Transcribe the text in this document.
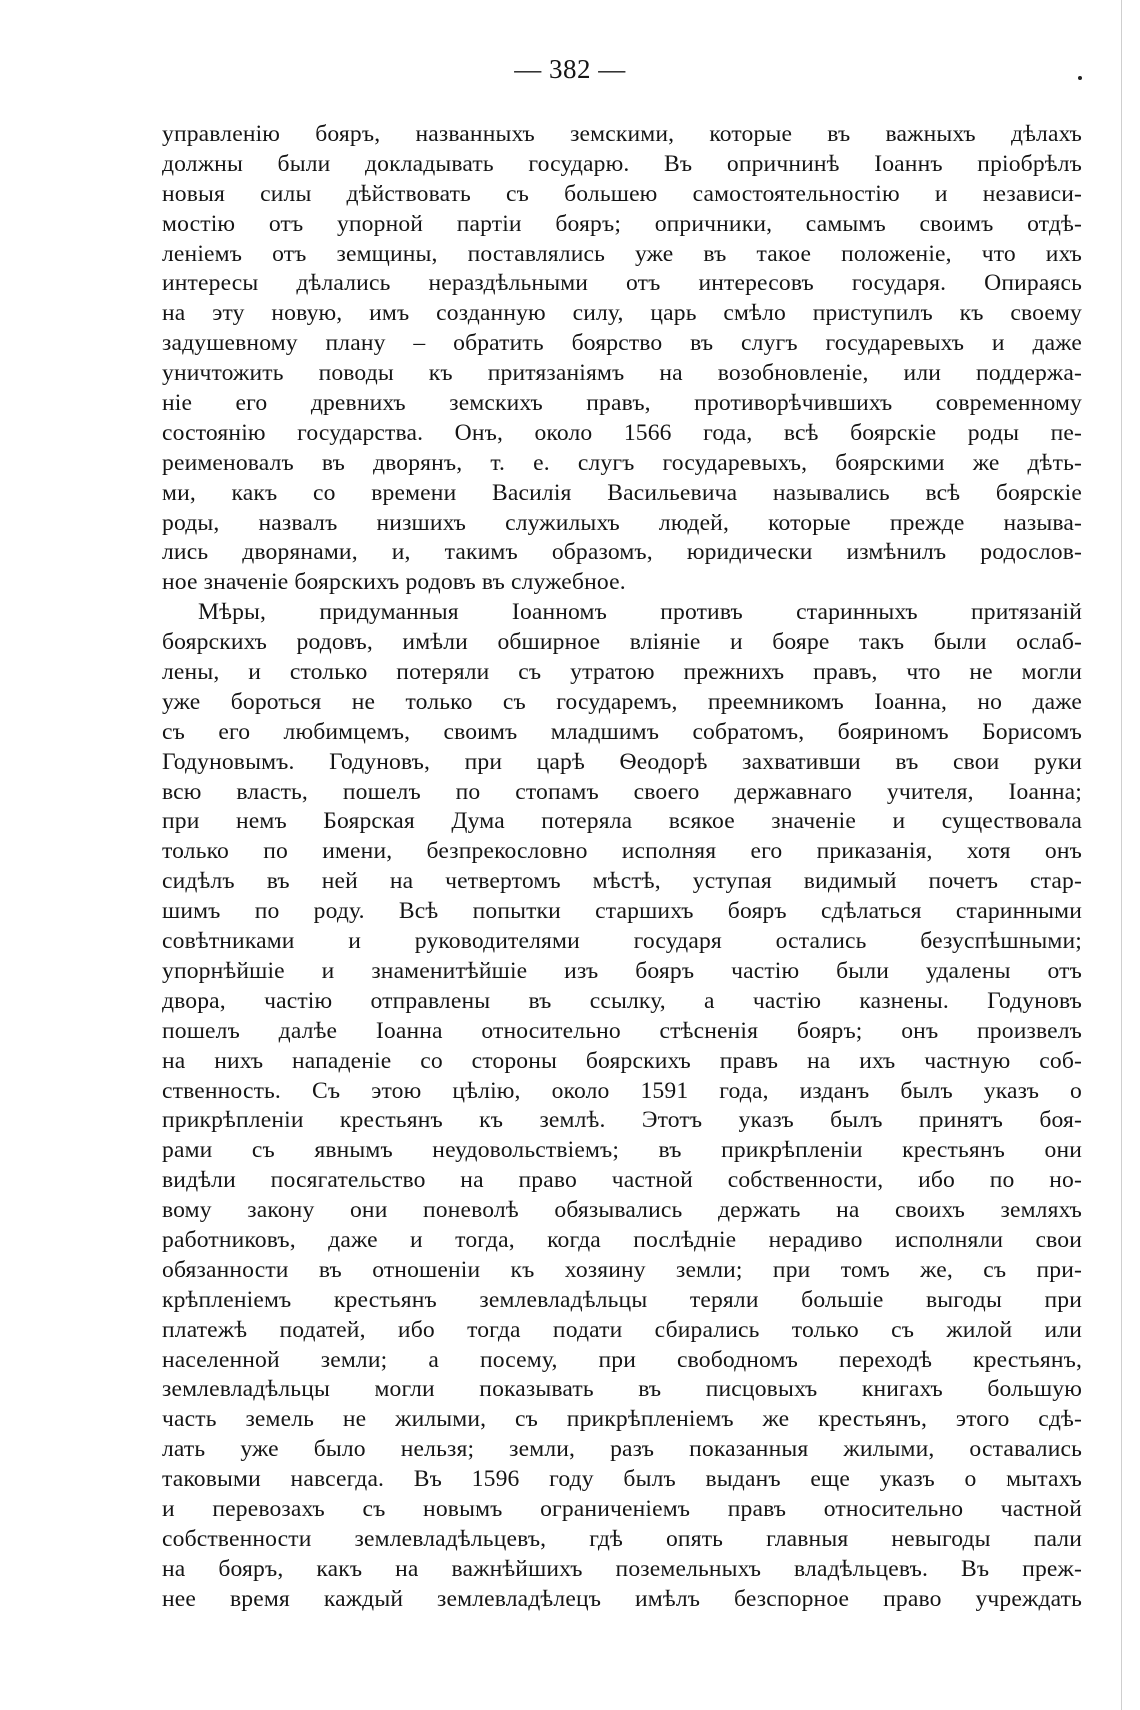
— 382 —
управленію бояръ, названныхъ земскими, которые въ важныхъ дѣлахъ
должны были докладывать государю. Въ опричнинѣ Іоаннъ пріобрѣлъ
новыя силы дѣйствовать съ большею самостоятельностію и независи-
мостію отъ упорной партіи бояръ; опричники, самымъ своимъ отдѣ-
леніемъ отъ земщины, поставлялись уже въ такое положеніе, что ихъ
интересы дѣлались нераздѣльными отъ интересовъ государя. Опираясь
на эту новую, имъ созданную силу, царь смѣло приступилъ къ своему
задушевному плану – обратить боярство въ слугъ государевыхъ и даже
уничтожить поводы къ притязаніямъ на возобновленіе, или поддержа-
ніе его древнихъ земскихъ правъ, противорѣчившихъ современному
состоянію государства. Онъ, около 1566 года, всѣ боярскіе роды пе-
реименовалъ въ дворянъ, т. е. слугъ государевыхъ, боярскими же дѣть-
ми, какъ со времени Василія Васильевича назывались всѣ боярскіе
роды, назвалъ низшихъ служилыхъ людей, которые прежде называ-
лись дворянами, и, такимъ образомъ, юридически измѣнилъ родослов-
ное значеніе боярскихъ родовъ въ служебное.
Мѣры, придуманныя Іоанномъ противъ старинныхъ притязаній
боярскихъ родовъ, имѣли обширное вліяніе и бояре такъ были ослаб-
лены, и столько потеряли съ утратою прежнихъ правъ, что не могли
уже бороться не только съ государемъ, преемникомъ Іоанна, но даже
съ его любимцемъ, своимъ младшимъ собратомъ, бояриномъ Борисомъ
Годуновымъ. Годуновъ, при царѣ Ѳеодорѣ захвативши въ свои руки
всю власть, пошелъ по стопамъ своего державнаго учителя, Іоанна;
при немъ Боярская Дума потеряла всякое значеніе и существовала
только по имени, безпрекословно исполняя его приказанія, хотя онъ
сидѣлъ въ ней на четвертомъ мѣстѣ, уступая видимый почетъ стар-
шимъ по роду. Всѣ попытки старшихъ бояръ сдѣлаться старинными
совѣтниками и руководителями государя остались безуспѣшными;
упорнѣйшіе и знаменитѣйшіе изъ бояръ частію были удалены отъ
двора, частію отправлены въ ссылку, а частію казнены. Годуновъ
пошелъ далѣе Іоанна относительно стѣсненія бояръ; онъ произвелъ
на нихъ нападеніе со стороны боярскихъ правъ на ихъ частную соб-
ственность. Съ этою цѣлію, около 1591 года, изданъ былъ указъ о
прикрѣпленіи крестьянъ къ землѣ. Этотъ указъ былъ принятъ боя-
рами съ явнымъ неудовольствіемъ; въ прикрѣпленіи крестьянъ они
видѣли посягательство на право частной собственности, ибо по но-
вому закону они поневолѣ обязывались держать на своихъ земляхъ
работниковъ, даже и тогда, когда послѣдніе нерадиво исполняли свои
обязанности въ отношеніи къ хозяину земли; при томъ же, съ при-
крѣпленіемъ крестьянъ землевладѣльцы теряли большіе выгоды при
платежѣ податей, ибо тогда подати сбирались только съ жилой или
населенной земли; а посему, при свободномъ переходѣ крестьянъ,
землевладѣльцы могли показывать въ писцовыхъ книгахъ большую
часть земель не жилыми, съ прикрѣпленіемъ же крестьянъ, этого сдѣ-
лать уже было нельзя; земли, разъ показанныя жилыми, оставались
таковыми навсегда. Въ 1596 году былъ выданъ еще указъ о мытахъ
и перевозахъ съ новымъ ограниченіемъ правъ относительно частной
собственности землевладѣльцевъ, гдѣ опять главныя невыгоды пали
на бояръ, какъ на важнѣйшихъ поземельныхъ владѣльцевъ. Въ преж-
нее время каждый землевладѣлецъ имѣлъ безспорное право учреждать
